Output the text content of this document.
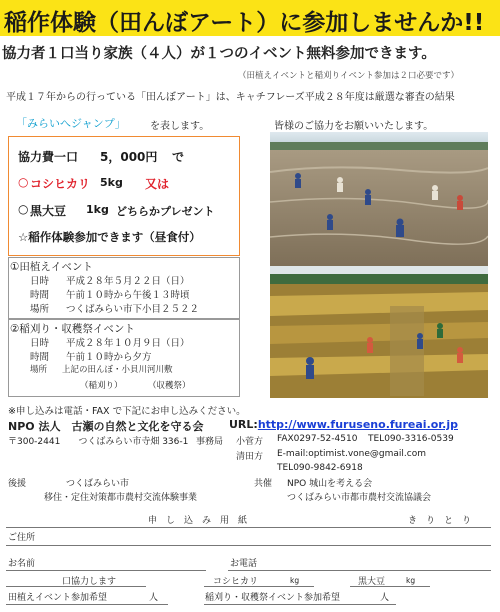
稲作体験（田んぼアート）に参加しませんか!!
協力者１口当り家族（４人）が１つのイベント無料参加できます。
（田植えイベントと稲刈りイベント参加は２口必要です）
平成１７年からの行っている「田んぼアート」は、キャチフレーズ平成２８年度は厳選な審査の結果
「みらいへジャンプ」 を表します。	皆様のご協力をお願いいたします。
協力費一口 5，000円 で
○ コシヒカリ 5kg 又は
○ 黒大豆 1kg どちらかプレゼント
☆稲作体験参加できます（昼食付）
①田植えイベント
日時 平成２８年５月２２日（日）
時間 午前１０時から午後１３時頃
場所 つくばみらい市下小目２５２２
②稲刈り・収穫祭イベント
日時 平成２８年１０月９日（日）
時間 午前１０時から夕方
場所 上記の田んぼ・小貝川河川敷
（稲刈り）	（収穫祭）
※申し込みは電話・FAX で下記にお申し込みください。
NPO 法人　古瀬の自然と文化を守る会 URL:http://www.furuseno.fureai.or.jp
〒300-2441　　つくばみらい市寺畑 336-1 事務局 小菅方 FAX0297-52-4510 TEL090-3316-0539
清田方 E-mail:optimist.vone@gmail.com
TEL090-9842-6918
後援	つくばみらい市
移住・定住対策都市農村交流体験事業
共催 NPO 城山を考える会
つくばみらい市都市農村交流協議会
申　し　込　み　用　紙	き　り　と　り
ご住所
お名前	お電話
口協力します	コシヒカリ	kg	黒大豆	kg
田植えイベント参加希望	人	稲刈り・収穫祭イベント参加希望	人
